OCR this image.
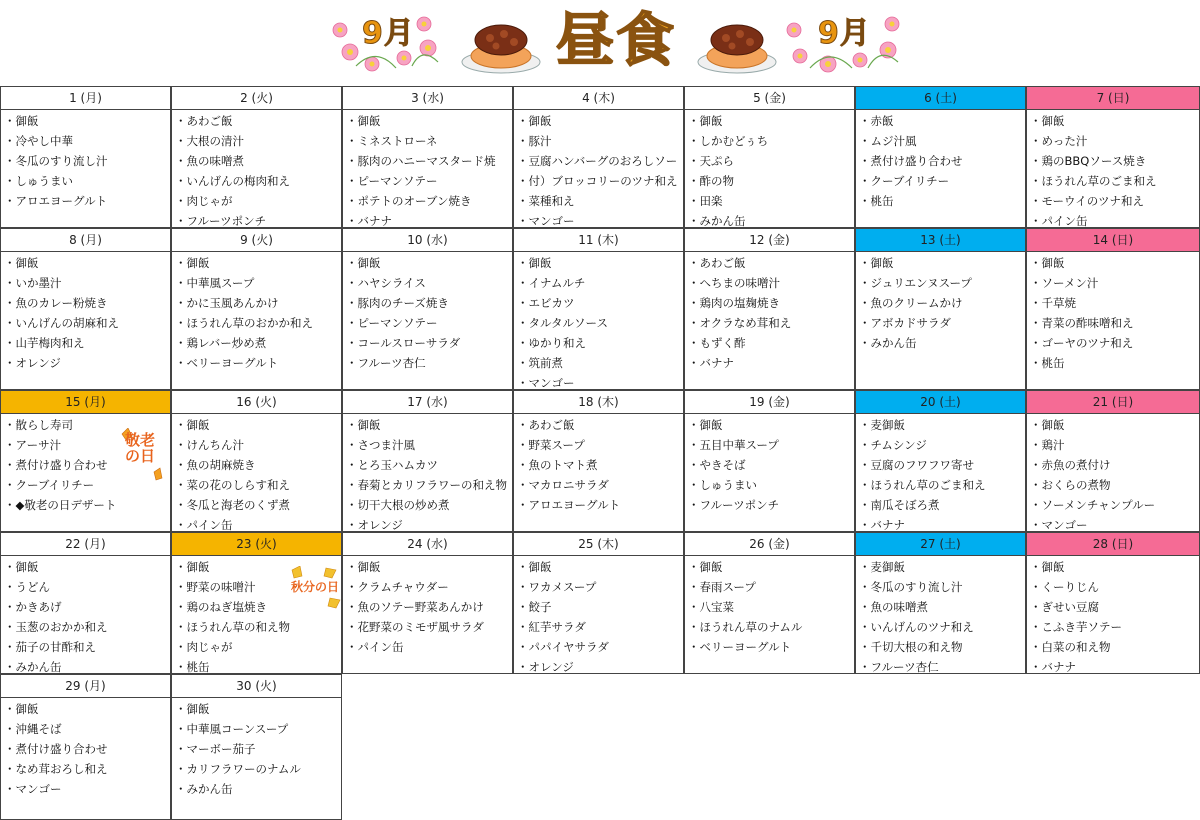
9月 昼食	9月
1 (月)
・御飯
・冷やし中華
・冬瓜のすり流し汁
・しゅうまい
・アロエヨーグルト
2 (火)
・あわご飯
・大根の清汁
・魚の味噌煮
・いんげんの梅肉和え
・肉じゃが
・フルーツポンチ
3 (水)
・御飯
・ミネストローネ
・豚肉のハニーマスタード焼
・ピーマンソテー
・ポテトのオーブン焼き
・バナナ
4 (木)
・御飯
・豚汁
・豆腐ハンバーグのおろしソー
・付）ブロッコリーのツナ和え
・菜種和え
・マンゴー
5 (金)
・御飯
・しかむどぅち
・天ぷら
・酢の物
・田楽
・みかん缶
6 (土)
・赤飯
・ムジ汁風
・煮付け盛り合わせ
・クーブイリチー
・桃缶
7 (日)
・御飯
・めった汁
・鶏のBBQソース焼き
・ほうれん草のごま和え
・モーウイのツナ和え
・パイン缶
8 (月)
・御飯
・いか墨汁
・魚のカレー粉焼き
・いんげんの胡麻和え
・山芋梅肉和え
・オレンジ
9 (火)
・御飯
・中華風スープ
・かに玉風あんかけ
・ほうれん草のおかか和え
・鶏レバー炒め煮
・ベリーヨーグルト
10 (水)
・御飯
・ハヤシライス
・豚肉のチーズ焼き
・ピーマンソテー
・コールスローサラダ
・フルーツ杏仁
11 (木)
・御飯
・イナムルチ
・エビカツ
・タルタルソース
・ゆかり和え
・筑前煮
・マンゴー
12 (金)
・あわご飯
・へちまの味噌汁
・鶏肉の塩麹焼き
・オクラなめ茸和え
・もずく酢
・バナナ
13 (土)
・御飯
・ジュリエンヌスープ
・魚のクリームかけ
・アボカドサラダ
・みかん缶
14 (日)
・御飯
・ソーメン汁
・千草焼
・青菜の酢味噌和え
・ゴーヤのツナ和え
・桃缶
15 (月)
・散らし寿司
・アーサ汁
・煮付け盛り合わせ
・クーブイリチー
・◆敬老の日デザート
16 (火)
・御飯
・けんちん汁
・魚の胡麻焼き
・菜の花のしらす和え
・冬瓜と海老のくず煮
・パイン缶
17 (水)
・御飯
・さつま汁風
・とろ玉ハムカツ
・春菊とカリフラワーの和え物
・切干大根の炒め煮
・オレンジ
18 (木)
・あわご飯
・野菜スープ
・魚のトマト煮
・マカロニサラダ
・アロエヨーグルト
19 (金)
・御飯
・五目中華スープ
・やきそば
・しゅうまい
・フルーツポンチ
20 (土)
・麦御飯
・チムシンジ
・豆腐のフワフワ寄せ
・ほうれん草のごま和え
・南瓜そぼろ煮
・バナナ
21 (日)
・御飯
・鶏汁
・赤魚の煮付け
・おくらの煮物
・ソーメンチャンプルー
・マンゴー
22 (月)
・御飯
・うどん
・かきあげ
・玉葱のおかか和え
・茄子の甘酢和え
・みかん缶
23 (火)
・御飯
・野菜の味噌汁
・鶏のねぎ塩焼き
・ほうれん草の和え物
・肉じゃが
・桃缶
24 (水)
・御飯
・クラムチャウダー
・魚のソテー野菜あんかけ
・花野菜のミモザ風サラダ
・パイン缶
25 (木)
・御飯
・ワカメスープ
・餃子
・紅芋サラダ
・パパイヤサラダ
・オレンジ
26 (金)
・御飯
・春雨スープ
・八宝菜
・ほうれん草のナムル
・ベリーヨーグルト
27 (土)
・麦御飯
・冬瓜のすり流し汁
・魚の味噌煮
・いんげんのツナ和え
・千切大根の和え物
・フルーツ杏仁
28 (日)
・御飯
・くーりじん
・ぎせい豆腐
・こふき芋ソテー
・白菜の和え物
・バナナ
29 (月)
・御飯
・沖縄そば
・煮付け盛り合わせ
・なめ茸おろし和え
・マンゴー
30 (火)
・御飯
・中華風コーンスープ
・マーボー茄子
・カリフラワーのナムル
・みかん缶
敬老の日
秋分の日
